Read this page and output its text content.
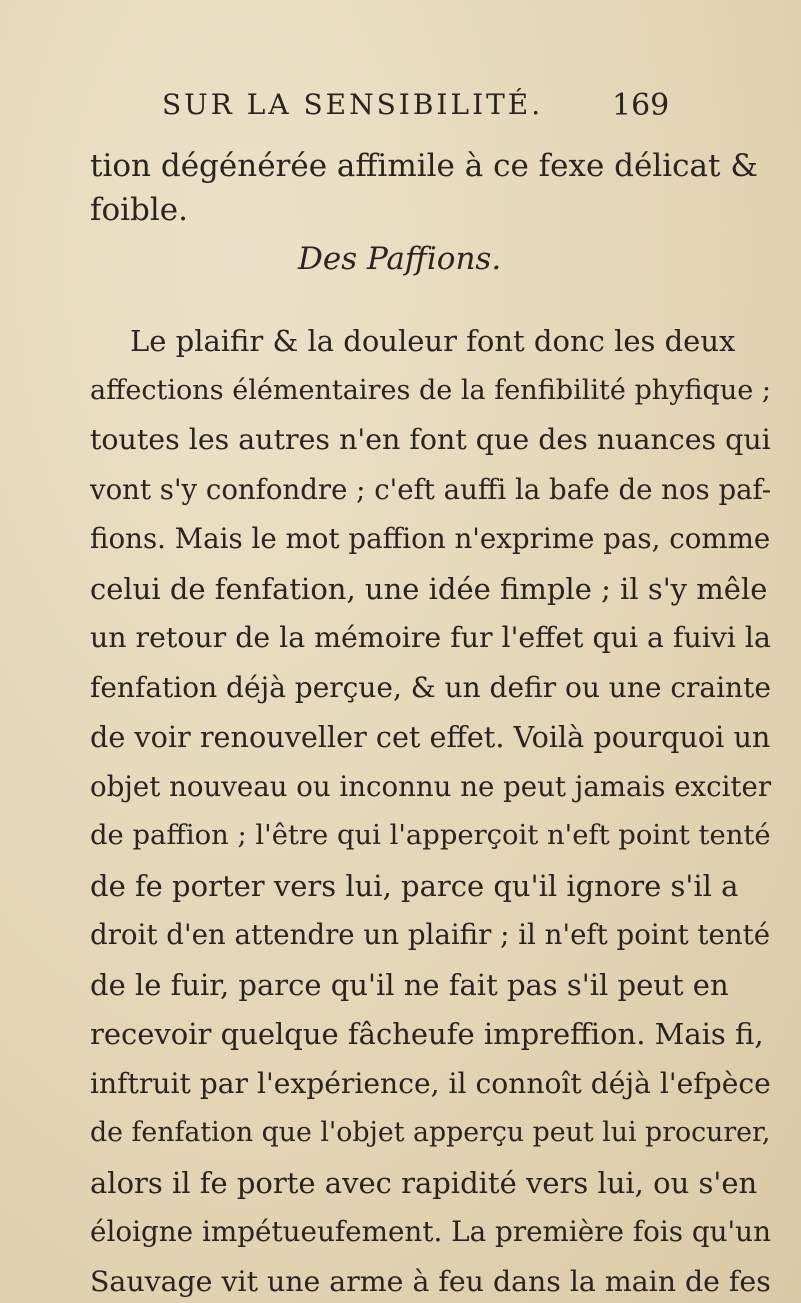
SUR LA SENSIBILITÉ. 169
tion dégénérée affimile à ce fexe délicat &
foible.
Des Paffions.
Le plaifir & la douleur font donc les deux
affections élémentaires de la fenfibilité phyfique ;
toutes les autres n'en font que des nuances qui
vont s'y confondre ; c'eft auffi la bafe de nos paf-
fions. Mais le mot paffion n'exprime pas, comme
celui de fenfation, une idée fimple ; il s'y mêle
un retour de la mémoire fur l'effet qui a fuivi la
fenfation déjà perçue, & un defir ou une crainte
de voir renouveller cet effet. Voilà pourquoi un
objet nouveau ou inconnu ne peut jamais exciter
de paffion ; l'être qui l'apperçoit n'eft point tenté
de fe porter vers lui, parce qu'il ignore s'il a
droit d'en attendre un plaifir ; il n'eft point tenté
de le fuir, parce qu'il ne fait pas s'il peut en
recevoir quelque fâcheufe impreffion. Mais fi,
inftruit par l'expérience, il connoît déjà l'efpèce
de fenfation que l'objet apperçu peut lui procurer,
alors il fe porte avec rapidité vers lui, ou s'en
éloigne impétueufement. La première fois qu'un
Sauvage vit une arme à feu dans la main de fes
